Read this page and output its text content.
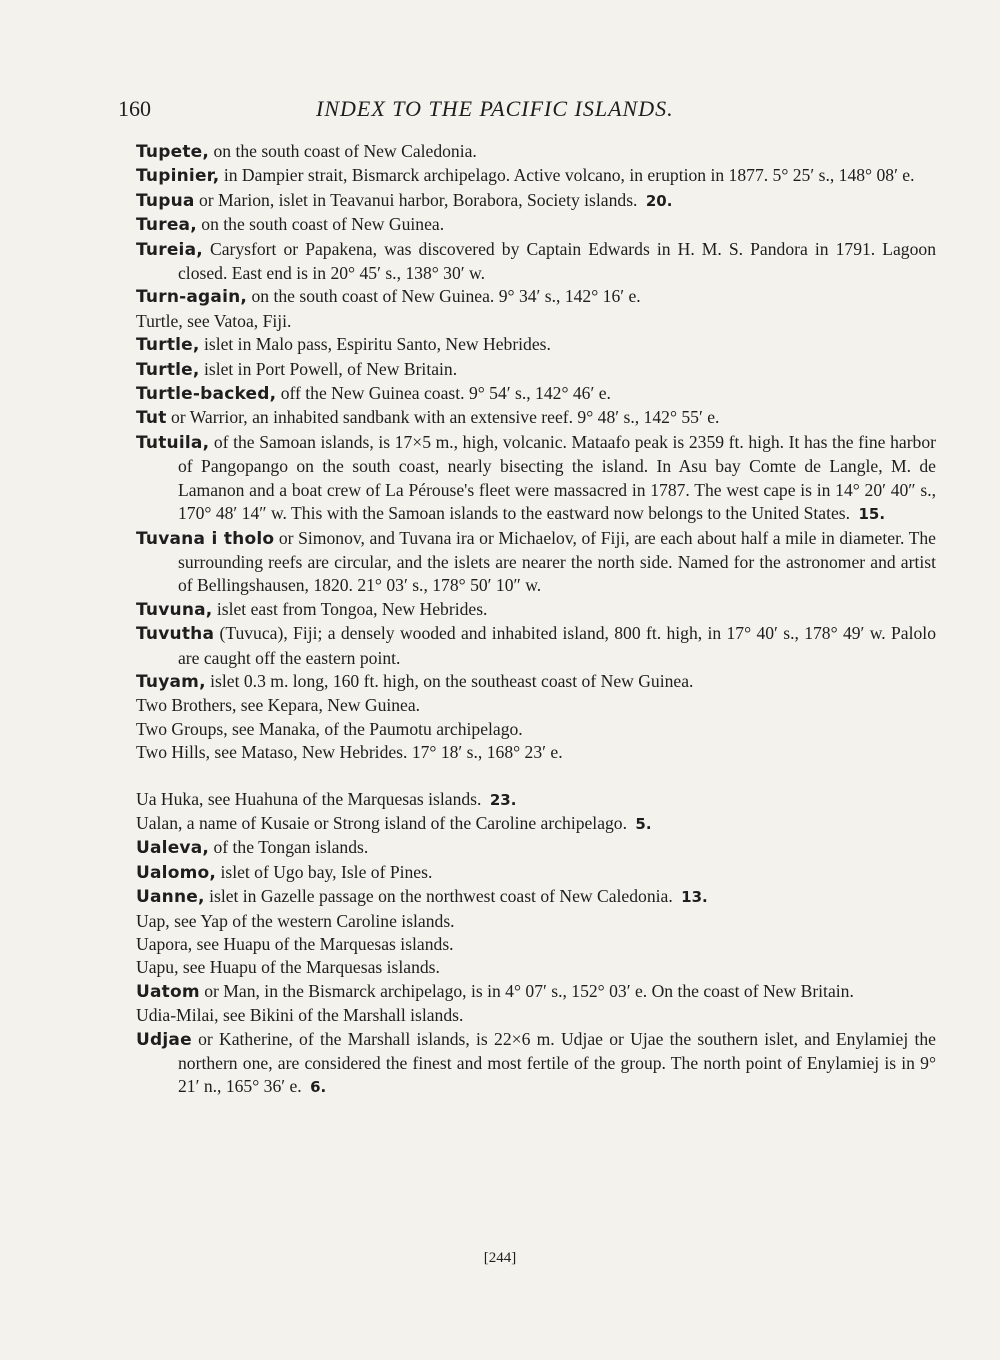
160	INDEX TO THE PACIFIC ISLANDS.
Tupete, on the south coast of New Caledonia.
Tupinier, in Dampier strait, Bismarck archipelago. Active volcano, in eruption in 1877. 5° 25′ s., 148° 08′ e.
Tupua or Marion, islet in Teavanui harbor, Borabora, Society islands. 20.
Turea, on the south coast of New Guinea.
Tureia, Carysfort or Papakena, was discovered by Captain Edwards in H. M. S. Pandora in 1791. Lagoon closed. East end is in 20° 45′ s., 138° 30′ w.
Turn-again, on the south coast of New Guinea. 9° 34′ s., 142° 16′ e.
Turtle, see Vatoa, Fiji.
Turtle, islet in Malo pass, Espiritu Santo, New Hebrides.
Turtle, islet in Port Powell, of New Britain.
Turtle-backed, off the New Guinea coast. 9° 54′ s., 142° 46′ e.
Tut or Warrior, an inhabited sandbank with an extensive reef. 9° 48′ s., 142° 55′ e.
Tutuila, of the Samoan islands, is 17×5 m., high, volcanic. Mataafo peak is 2359 ft. high. It has the fine harbor of Pangopango on the south coast, nearly bisecting the island. In Asu bay Comte de Langle, M. de Lamanon and a boat crew of La Pérouse's fleet were massacred in 1787. The west cape is in 14° 20′ 40″ s., 170° 48′ 14″ w. This with the Samoan islands to the eastward now belongs to the United States. 15.
Tuvana i tholo or Simonov, and Tuvana ira or Michaelov, of Fiji, are each about half a mile in diameter. The surrounding reefs are circular, and the islets are nearer the north side. Named for the astronomer and artist of Bellingshausen, 1820. 21° 03′ s., 178° 50′ 10″ w.
Tuvuna, islet east from Tongoa, New Hebrides.
Tuvutha (Tuvuca), Fiji; a densely wooded and inhabited island, 800 ft. high, in 17° 40′ s., 178° 49′ w. Palolo are caught off the eastern point.
Tuyam, islet 0.3 m. long, 160 ft. high, on the southeast coast of New Guinea.
Two Brothers, see Kepara, New Guinea.
Two Groups, see Manaka, of the Paumotu archipelago.
Two Hills, see Mataso, New Hebrides. 17° 18′ s., 168° 23′ e.
Ua Huka, see Huahuna of the Marquesas islands. 23.
Ualan, a name of Kusaie or Strong island of the Caroline archipelago. 5.
Ualeva, of the Tongan islands.
Ualomo, islet of Ugo bay, Isle of Pines.
Uanne, islet in Gazelle passage on the northwest coast of New Caledonia. 13.
Uap, see Yap of the western Caroline islands.
Uapora, see Huapu of the Marquesas islands.
Uapu, see Huapu of the Marquesas islands.
Uatom or Man, in the Bismarck archipelago, is in 4° 07′ s., 152° 03′ e. On the coast of New Britain.
Udia-Milai, see Bikini of the Marshall islands.
Udjae or Katherine, of the Marshall islands, is 22×6 m. Udjae or Ujae the southern islet, and Enylamiej the northern one, are considered the finest and most fertile of the group. The north point of Enylamiej is in 9° 21′ n., 165° 36′ e. 6.
[244]
